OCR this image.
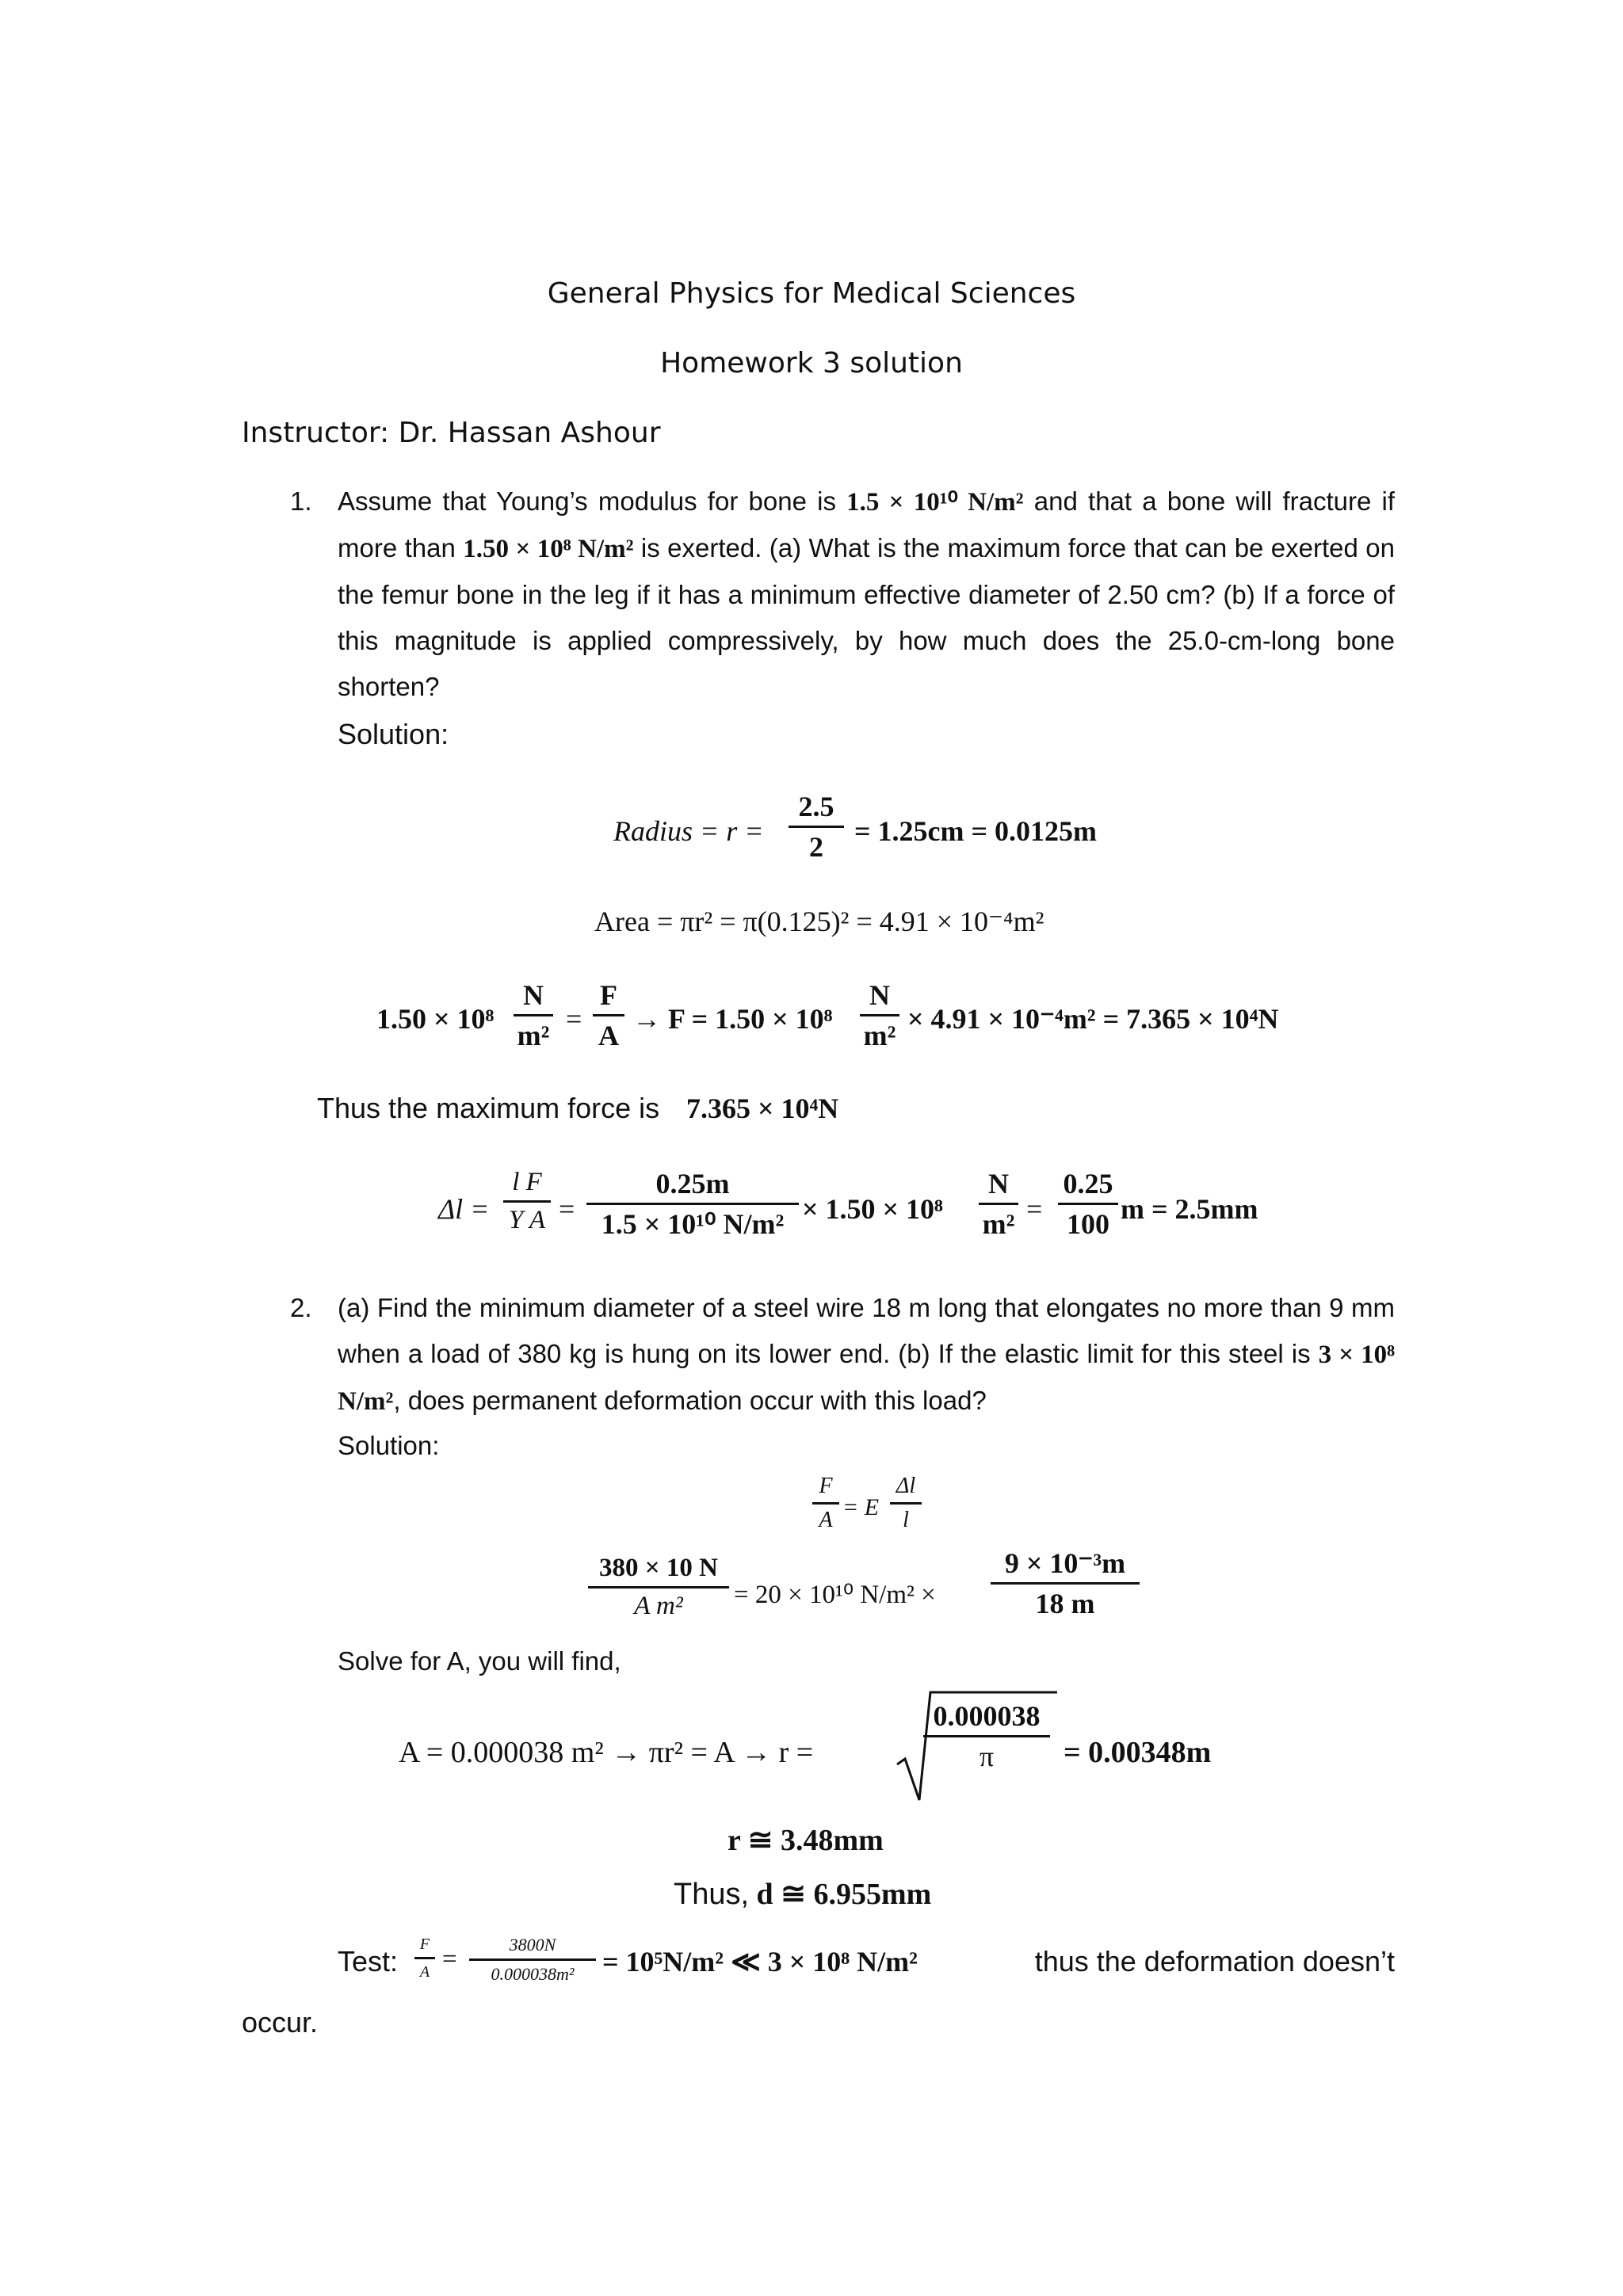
General Physics for Medical Sciences
Homework 3 solution
Instructor: Dr. Hassan Ashour
1. Assume that Young’s modulus for bone is 1.5 × 10¹⁰ N/m² and that a bone will fracture if more than 1.50 × 10⁸ N/m² is exerted. (a) What is the maximum force that can be exerted on the femur bone in the leg if it has a minimum effective diameter of 2.50 cm? (b) If a force of this magnitude is applied compressively, by how much does the 25.0-cm-long bone shorten?
Solution:
Radius = $r = \frac{2.5}{2} = 1.25cm = 0.0125m$
Area = πr² = π(0.125)² = 4.91 × 10⁻⁴m²
$1.50 \times 10^8 \frac{N}{\text{m²}} = \frac{F}{A} \to F = 1.50 \times 10^8 \frac{N}{\text{m²}} \times 4.91 \times 10^{-4}m^2 = 7.365 \times 10^4N$
Thus the maximum force is 7.365 × 10⁴N
$\Delta l = \frac{\text{l F}}{\text{Y A}} = \frac{0.25m}{\text{1.5 × 10¹⁰ N/m²}} \times 1.50 \times 10^8 \frac{N}{\text{m²}} = \frac{0.25}{100}$ m = 2.5mm
2. (a) Find the minimum diameter of a steel wire 18 m long that elongates no more than 9 mm when a load of 380 kg is hung on its lower end. (b) If the elastic limit for this steel is 3 × 10⁸ N/m², does permanent deformation occur with this load?
Solution:
$\frac{F}{A} = E \frac{\Delta l}{l}$
$\frac{380 \times 10 N}{\text{A m²}} = 20 \times 10^{10}$ $N/m^2 \times \frac{\text{9 × 10⁻³m}}{18 m}$
Solve for A, you will find,
A = 0.000038 m² → πr² = A → r =	$\frac{0.000038}{\pi} = 0.00348m$
r ≅ 3.48mm
Thus, d ≅ 6.955mm
Test: $\frac{F}{A} = \frac{3800N}{\text{0.000038m²}} = 10^5N/m^2$ ≪ 3 × 10⁸ N/m²	thus the deformation doesn’t
occur.
